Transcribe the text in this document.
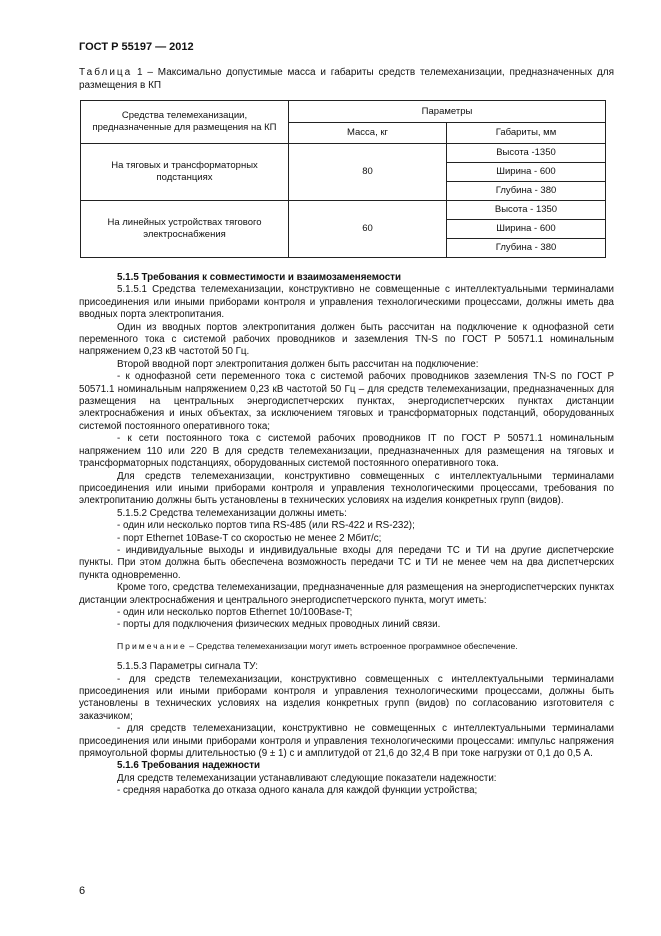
ГОСТ Р 55197 — 2012
Таблица 1 – Максимально допустимые масса и габариты средств телемеханизации, предназначенных для размещения в КП
Средства телемеханизации, предназначенные для размещения на КП	Параметры	
	Масса, кг	Габариты, мм
На тяговых и трансформаторных подстанциях	80	Высота -1350
		Ширина - 600
		Глубина - 380
На линейных устройствах тягового электроснабжения	60	Высота - 1350
		Ширина - 600
		Глубина - 380

5.1.5 Требования к совместимости и взаимозаменяемости

5.1.5.1 Средства телемеханизации, конструктивно не совмещенные с интеллектуальными терминалами присоединения или иными приборами контроля и управления технологическими процессами, должны иметь два вводных порта электропитания.

Один из вводных портов электропитания должен быть рассчитан на подключение к однофазной сети переменного тока с системой рабочих проводников и заземления TN-S по ГОСТ Р 50571.1 номинальным напряжением 0,23 кВ частотой 50 Гц.

Второй вводной порт электропитания должен быть рассчитан на подключение:

- к однофазной сети переменного тока с системой рабочих проводников заземления TN-S по ГОСТ Р 50571.1 номинальным напряжением 0,23 кВ частотой 50 Гц – для средств телемеханизации, предназначенных для размещения на центральных энергодиспетчерских пунктах, энергодиспетчерских пунктах дистанции электроснабжения и иных объектах, за исключением тяговых и трансформаторных подстанций, оборудованных системой постоянного оперативного тока;

- к сети постоянного тока с системой рабочих проводников IT по ГОСТ Р 50571.1 номинальным напряжением 110 или 220 В для средств телемеханизации, предназначенных для размещения на тяговых и трансформаторных подстанциях, оборудованных системой постоянного оперативного тока.

Для средств телемеханизации, конструктивно совмещенных с интеллектуальными терминалами присоединения или иными приборами контроля и управления технологическими процессами, требования по электропитанию должны быть установлены в технических условиях на изделия конкретных групп (видов).

5.1.5.2 Средства телемеханизации должны иметь:

- один или несколько портов типа RS-485 (или RS-422 и RS-232);

- порт Ethernet 10Base-T со скоростью не менее 2 Мбит/с;

- индивидуальные выходы и индивидуальные входы для передачи ТС и ТИ на другие диспетчерские пункты. При этом должна быть обеспечена возможность передачи ТС и ТИ не менее чем на два диспетчерских пункта одновременно.

Кроме того, средства телемеханизации, предназначенные для размещения на энергодиспетчерских пунктах дистанции электроснабжения и центрального энергодиспетчерского пункта, могут иметь:

- один или несколько портов Ethernet 10/100Base-T;

- порты для подключения физических медных проводных линий связи.

Примечание – Средства телемеханизации могут иметь встроенное программное обеспечение.

5.1.5.3 Параметры сигнала ТУ:

- для средств телемеханизации, конструктивно совмещенных с интеллектуальными терминалами присоединения или иными приборами контроля и управления технологическими процессами, должны быть установлены в технических условиях на изделия конкретных групп (видов) по согласованию изготовителя с заказчиком;

- для средств телемеханизации, конструктивно не совмещенных с интеллектуальными терминалами присоединения или иными приборами контроля и управления технологическими процессами: импульс напряжения прямоугольной формы длительностью (9 ± 1) с и амплитудой от 21,6 до 32,4 В при токе нагрузки от 0,1 до 0,5 А.

5.1.6 Требования надежности

Для средств телемеханизации устанавливают следующие показатели надежности:

- средняя наработка до отказа одного канала для каждой функции устройства;

6
